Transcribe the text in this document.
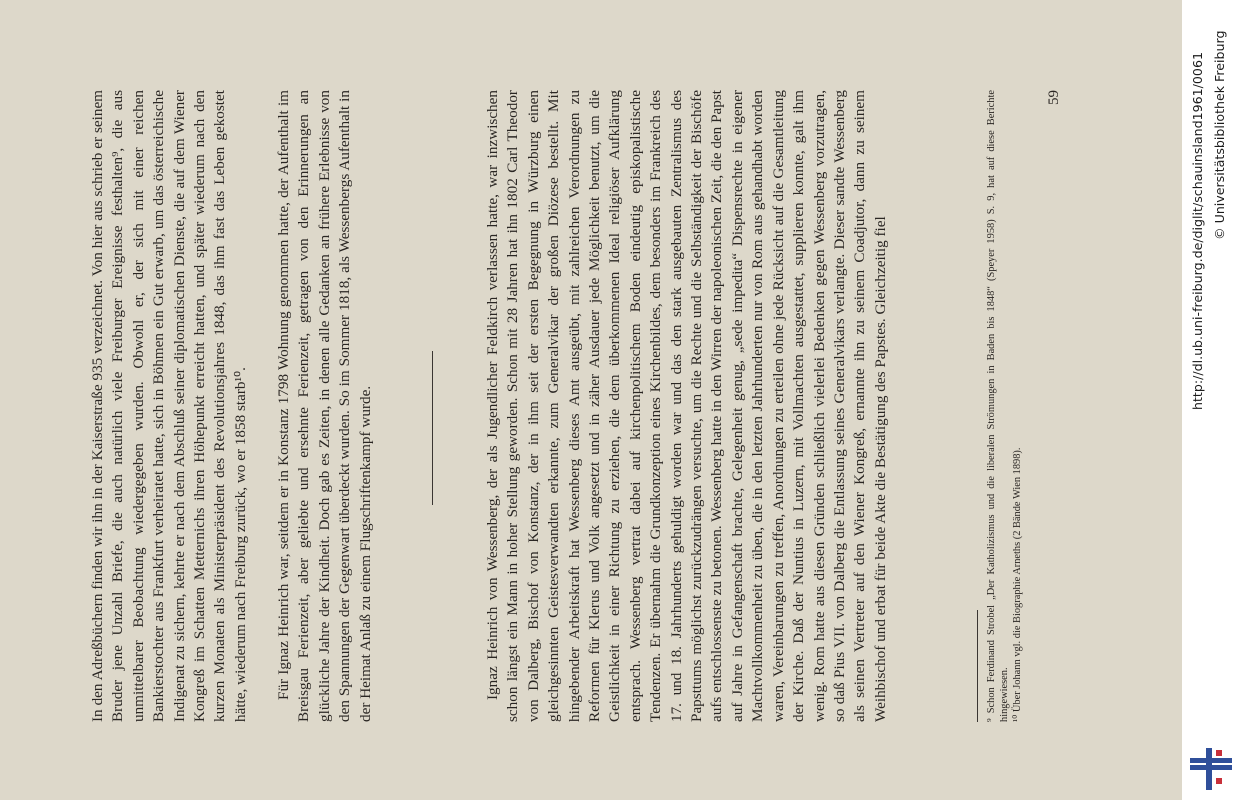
In den Adreßbüchern finden wir ihn in der Kaiserstraße 935 verzeichnet. Von hier aus schrieb er seinem Bruder jene Unzahl Briefe, die auch natürlich viele Freiburger Ereignisse festhalten⁹, die aus unmittelbarer Beobachtung wiedergegeben wurden. Obwohl er, der sich mit einer reichen Bankierstochter aus Frankfurt verheiratet hatte, sich in Böhmen ein Gut erwarb, um das österreichische Indigenat zu sichern, kehrte er nach dem Abschluß seiner diplomatischen Dienste, die auf dem Wiener Kongreß im Schatten Metternichs ihren Höhepunkt erreicht hatten, und später wiederum nach den kurzen Monaten als Ministerpräsident des Revolutionsjahres 1848, das ihm fast das Leben gekostet hätte, wiederum nach Freiburg zurück, wo er 1858 starb¹⁰. Für Ignaz Heinrich war, seitdem er in Konstanz 1798 Wohnung genommen hatte, der Aufenthalt im Breisgau Ferienzeit, aber geliebte und ersehnte Ferienzeit, getragen von den Erinnerungen an glückliche Jahre der Kindheit. Doch gab es Zeiten, in denen alle Gedanken an frühere Erlebnisse von den Spannungen der Gegenwart überdeckt wurden. So im Sommer 1818, als Wessenbergs Aufenthalt in der Heimat Anlaß zu einem Flugschriftenkampf wurde.	Ignaz Heinrich von Wessenberg, der als Jugendlicher Feldkirch verlassen hatte, war inzwischen schon längst ein Mann in hoher Stellung geworden. Schon mit 28 Jahren hat ihn 1802 Carl Theodor von Dalberg, Bischof von Konstanz, der in ihm seit der ersten Begegnung in Würzburg einen gleichgesinnten Geistesverwandten erkannte, zum Generalvikar der großen Diözese bestellt. Mit hingebender Arbeitskraft hat Wessenberg dieses Amt ausgeübt, mit zahlreichen Verordnungen zu Reformen für Klerus und Volk angesetzt und in zäher Ausdauer jede Möglichkeit benutzt, um die Geistlichkeit in einer Richtung zu erziehen, die dem überkommenen Ideal religiöser Aufklärung entsprach. Wessenberg vertrat dabei auf kirchenpolitischem Boden eindeutig episkopalistische Tendenzen. Er übernahm die Grundkonzeption eines Kirchenbildes, dem besonders im Frankreich des 17. und 18. Jahrhunderts gehuldigt worden war und das den stark ausgebauten Zentralismus des Papsttums möglichst zurückzudrängen versuchte, um die Rechte und die Selbständigkeit der Bischöfe aufs entschlossenste zu betonen. Wessenberg hatte in den Wirren der napoleonischen Zeit, die den Papst auf Jahre in Gefangenschaft brachte, Gelegenheit genug, „sede impedita“ Dispensrechte in eigener Machtvollkommenheit zu üben, die in den letzten Jahrhunderten nur von Rom aus gehandhabt worden waren, Vereinbarungen zu treffen, Anordnungen zu erteilen ohne jede Rücksicht auf die Gesamtleitung der Kirche. Daß der Nuntius in Luzern, mit Vollmachten ausgestattet, supplieren konnte, galt ihm wenig. Rom hatte aus diesen Gründen schließlich vielerlei Bedenken gegen Wessenberg vorzutragen, so daß Pius VII. von Dalberg die Entlassung seines Generalvikars verlangte. Dieser sandte Wessenberg als seinen Vertreter auf den Wiener Kongreß, ernannte ihn zu seinem Coadjutor, dann zu seinem Weihbischof und erbat für beide Akte die Bestätigung des Papstes. Gleichzeitig fiel	⁹ Schon Ferdinand Strobel „Der Katholizismus und die liberalen Strömungen in Baden bis 1848“ (Speyer 1958) S. 9, hat auf diese Berichte hingewiesen. ¹⁰ Über Johann vgl. die Biographie Arneths (2 Bände Wien 1898).

59	http://dl.ub.uni-freiburg.de/diglit/schauinsland1961/0061 © Universitätsbibliothek Freiburg
